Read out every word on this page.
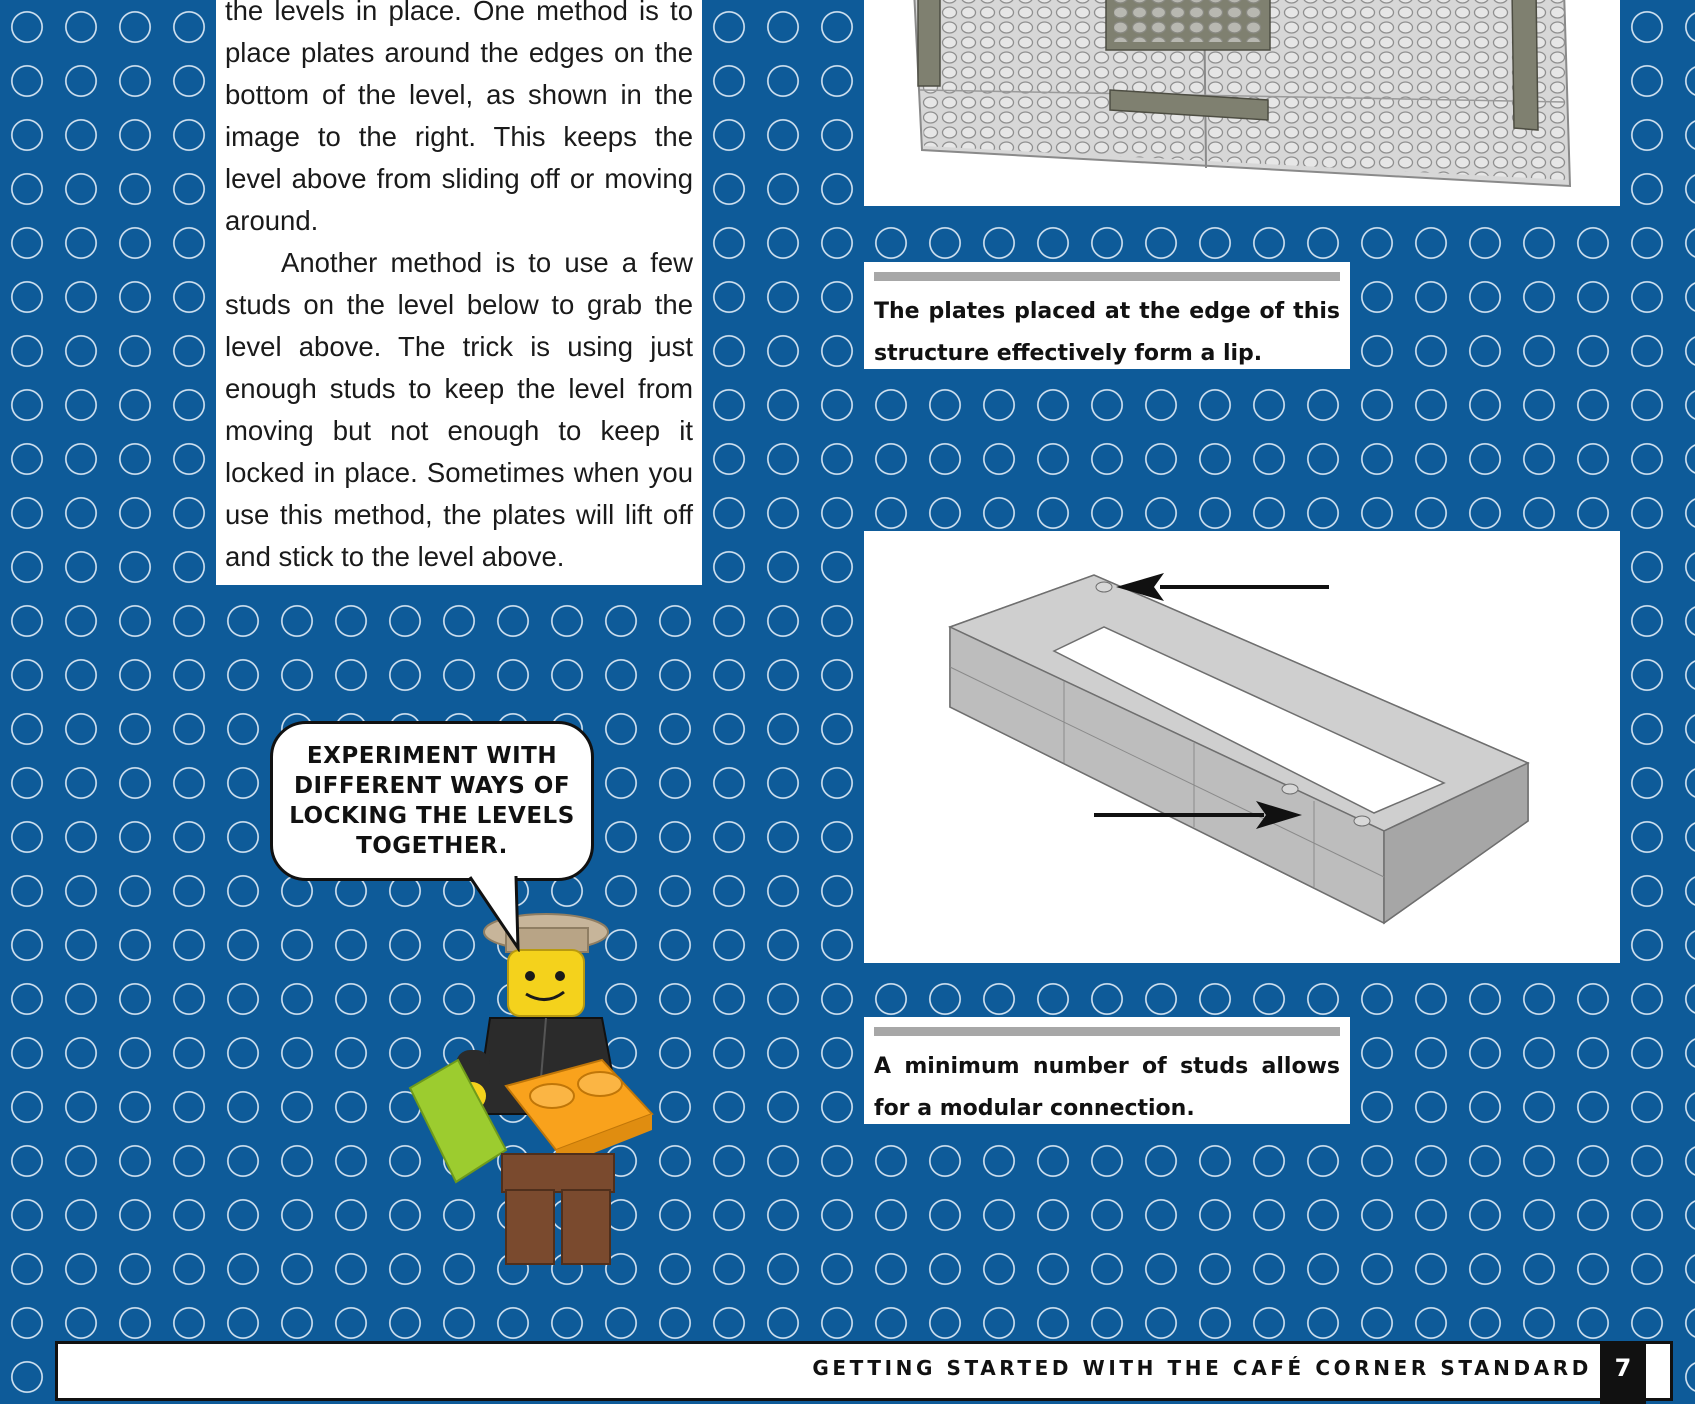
the levels in place. One method is to place plates around the edges on the bottom of the level, as shown in the image to the right. This keeps the level above from sliding off or moving around.

Another method is to use a few studs on the level below to grab the level above. The trick is using just enough studs to keep the level from moving but not enough to keep it locked in place. Sometimes when you use this method, the plates will lift off and stick to the level above.

The plates placed at the edge of this structure effectively form a lip.

A minimum number of studs allows for a modular connection.

EXPERIMENT WITH DIFFERENT WAYS OF LOCKING THE LEVELS TOGETHER.
GETTING STARTED WITH THE CAFÉ CORNER STANDARD 7
